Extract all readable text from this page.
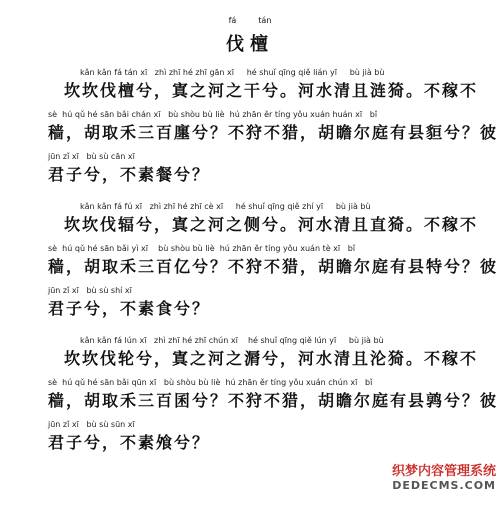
fá	tán
伐檀
kǎn kǎn fá tán xī   zhì zhī hé zhī gān xī     hé shuǐ qīng qiě lián yī     bù jià bù
坎坎伐檀兮，寘之河之干兮。河水清且涟猗。不稼不
sè  hú qǔ hé sān bǎi chán xī   bù shòu bù liè  hú zhān ěr tíng yǒu xuán huán xī   bǐ
穑，胡取禾三百廛兮？不狩不猎，胡瞻尔庭有县貆兮？彼
jūn zǐ xī   bù sù cān xī
君子兮，不素餐兮？
kǎn kǎn fá fú xī   zhì zhī hé zhī cè xī     hé shuǐ qīng qiě zhí yī     bù jià bù
坎坎伐辐兮，寘之河之侧兮。河水清且直猗。不稼不
sè  hú qǔ hé sān bǎi yì xī    bù shòu bù liè  hú zhān ěr tíng yǒu xuán tè xī   bǐ
穑，胡取禾三百亿兮？不狩不猎，胡瞻尔庭有县特兮？彼
jūn zǐ xī   bù sù shí xī
君子兮，不素食兮？
kǎn kǎn fá lún xī   zhì zhī hé zhī chún xī    hé shuǐ qīng qiě lún yī     bù jià bù
坎坎伐轮兮，寘之河之漘兮，河水清且沦猗。不稼不
sè  hú qǔ hé sān bǎi qūn xī   bù shòu bù liè  hú zhān ěr tíng yǒu xuán chún xī   bǐ
穑，胡取禾三百囷兮？不狩不猎，胡瞻尔庭有县鹑兮？彼
jūn zǐ xī   bù sù sūn xī
君子兮，不素飧兮？
织梦内容管理系统
DEDECMS.COM
